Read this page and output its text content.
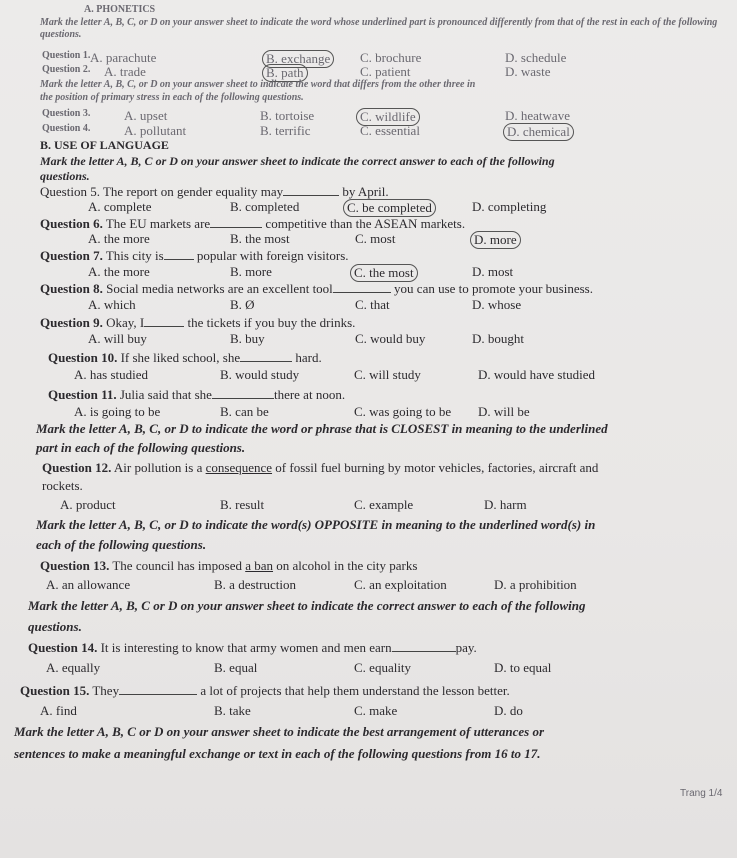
A. PHONETICS
Mark the letter A, B, C, or D on your answer sheet to indicate the word whose underlined part is pronounced differently from that of the rest in each of the following questions.
Question 1. A. parachute	B. exchange	C. brochure	D. schedule
Question 2. A. trade	B. path	C. patient	D. waste
Mark the letter A, B, C, or D on your answer sheet to indicate the word that differs from the other three in
the position of primary stress in each of the following questions.
Question 3.	A. upset	B. tortoise	C. wildlife	D. heatwave
Question 4.	A. pollutant	B. terrific	C. essential	D. chemical
B. USE OF LANGUAGE
Mark the letter A, B, C or D on your answer sheet to indicate the correct answer to each of the following
questions.
Question 5. The report on gender equality may	by April.
A. complete	B. completed	C. be completed	D. completing
Question 6. The EU markets are	competitive than the ASEAN markets.
A. the more	B. the most	C. most	D. more
Question 7. This city is	popular with foreign visitors.
A. the more	B. more	C. the most	D. most
Question 8. Social media networks are an excellent tool	you can use to promote your business.
A. which	B. Ø	C. that	D. whose
Question 9. Okay, I	the tickets if you buy the drinks.
A. will buy	B. buy	C. would buy	D. bought
Question 10. If she liked school, she	hard.
A. has studied	B. would study	C. will study	D. would have studied
Question 11. Julia said that she	there at noon.
A. is going to be	B. can be	C. was going to be D. will be
Mark the letter A, B, C, or D to indicate the word or phrase that is CLOSEST in meaning to the underlined
part in each of the following questions.
Question 12. Air pollution is a consequence of fossil fuel burning by motor vehicles, factories, aircraft and
rockets.
A. product	B. result	C. example	D. harm
Mark the letter A, B, C, or D to indicate the word(s) OPPOSITE in meaning to the underlined word(s) in
each of the following questions.
Question 13. The council has imposed a ban on alcohol in the city parks
A. an allowance	B. a destruction	C. an exploitation	D. a prohibition
Mark the letter A, B, C or D on your answer sheet to indicate the correct answer to each of the following
questions.
Question 14. It is interesting to know that army women and men earn	pay.
A. equally	B. equal	C. equality	D. to equal
Question 15. They	a lot of projects that help them understand the lesson better.
A. find	B. take	C. make	D. do
Mark the letter A, B, C or D on your answer sheet to indicate the best arrangement of utterances or
sentences to make a meaningful exchange or text in each of the following questions from 16 to 17.
Trang 1/4
